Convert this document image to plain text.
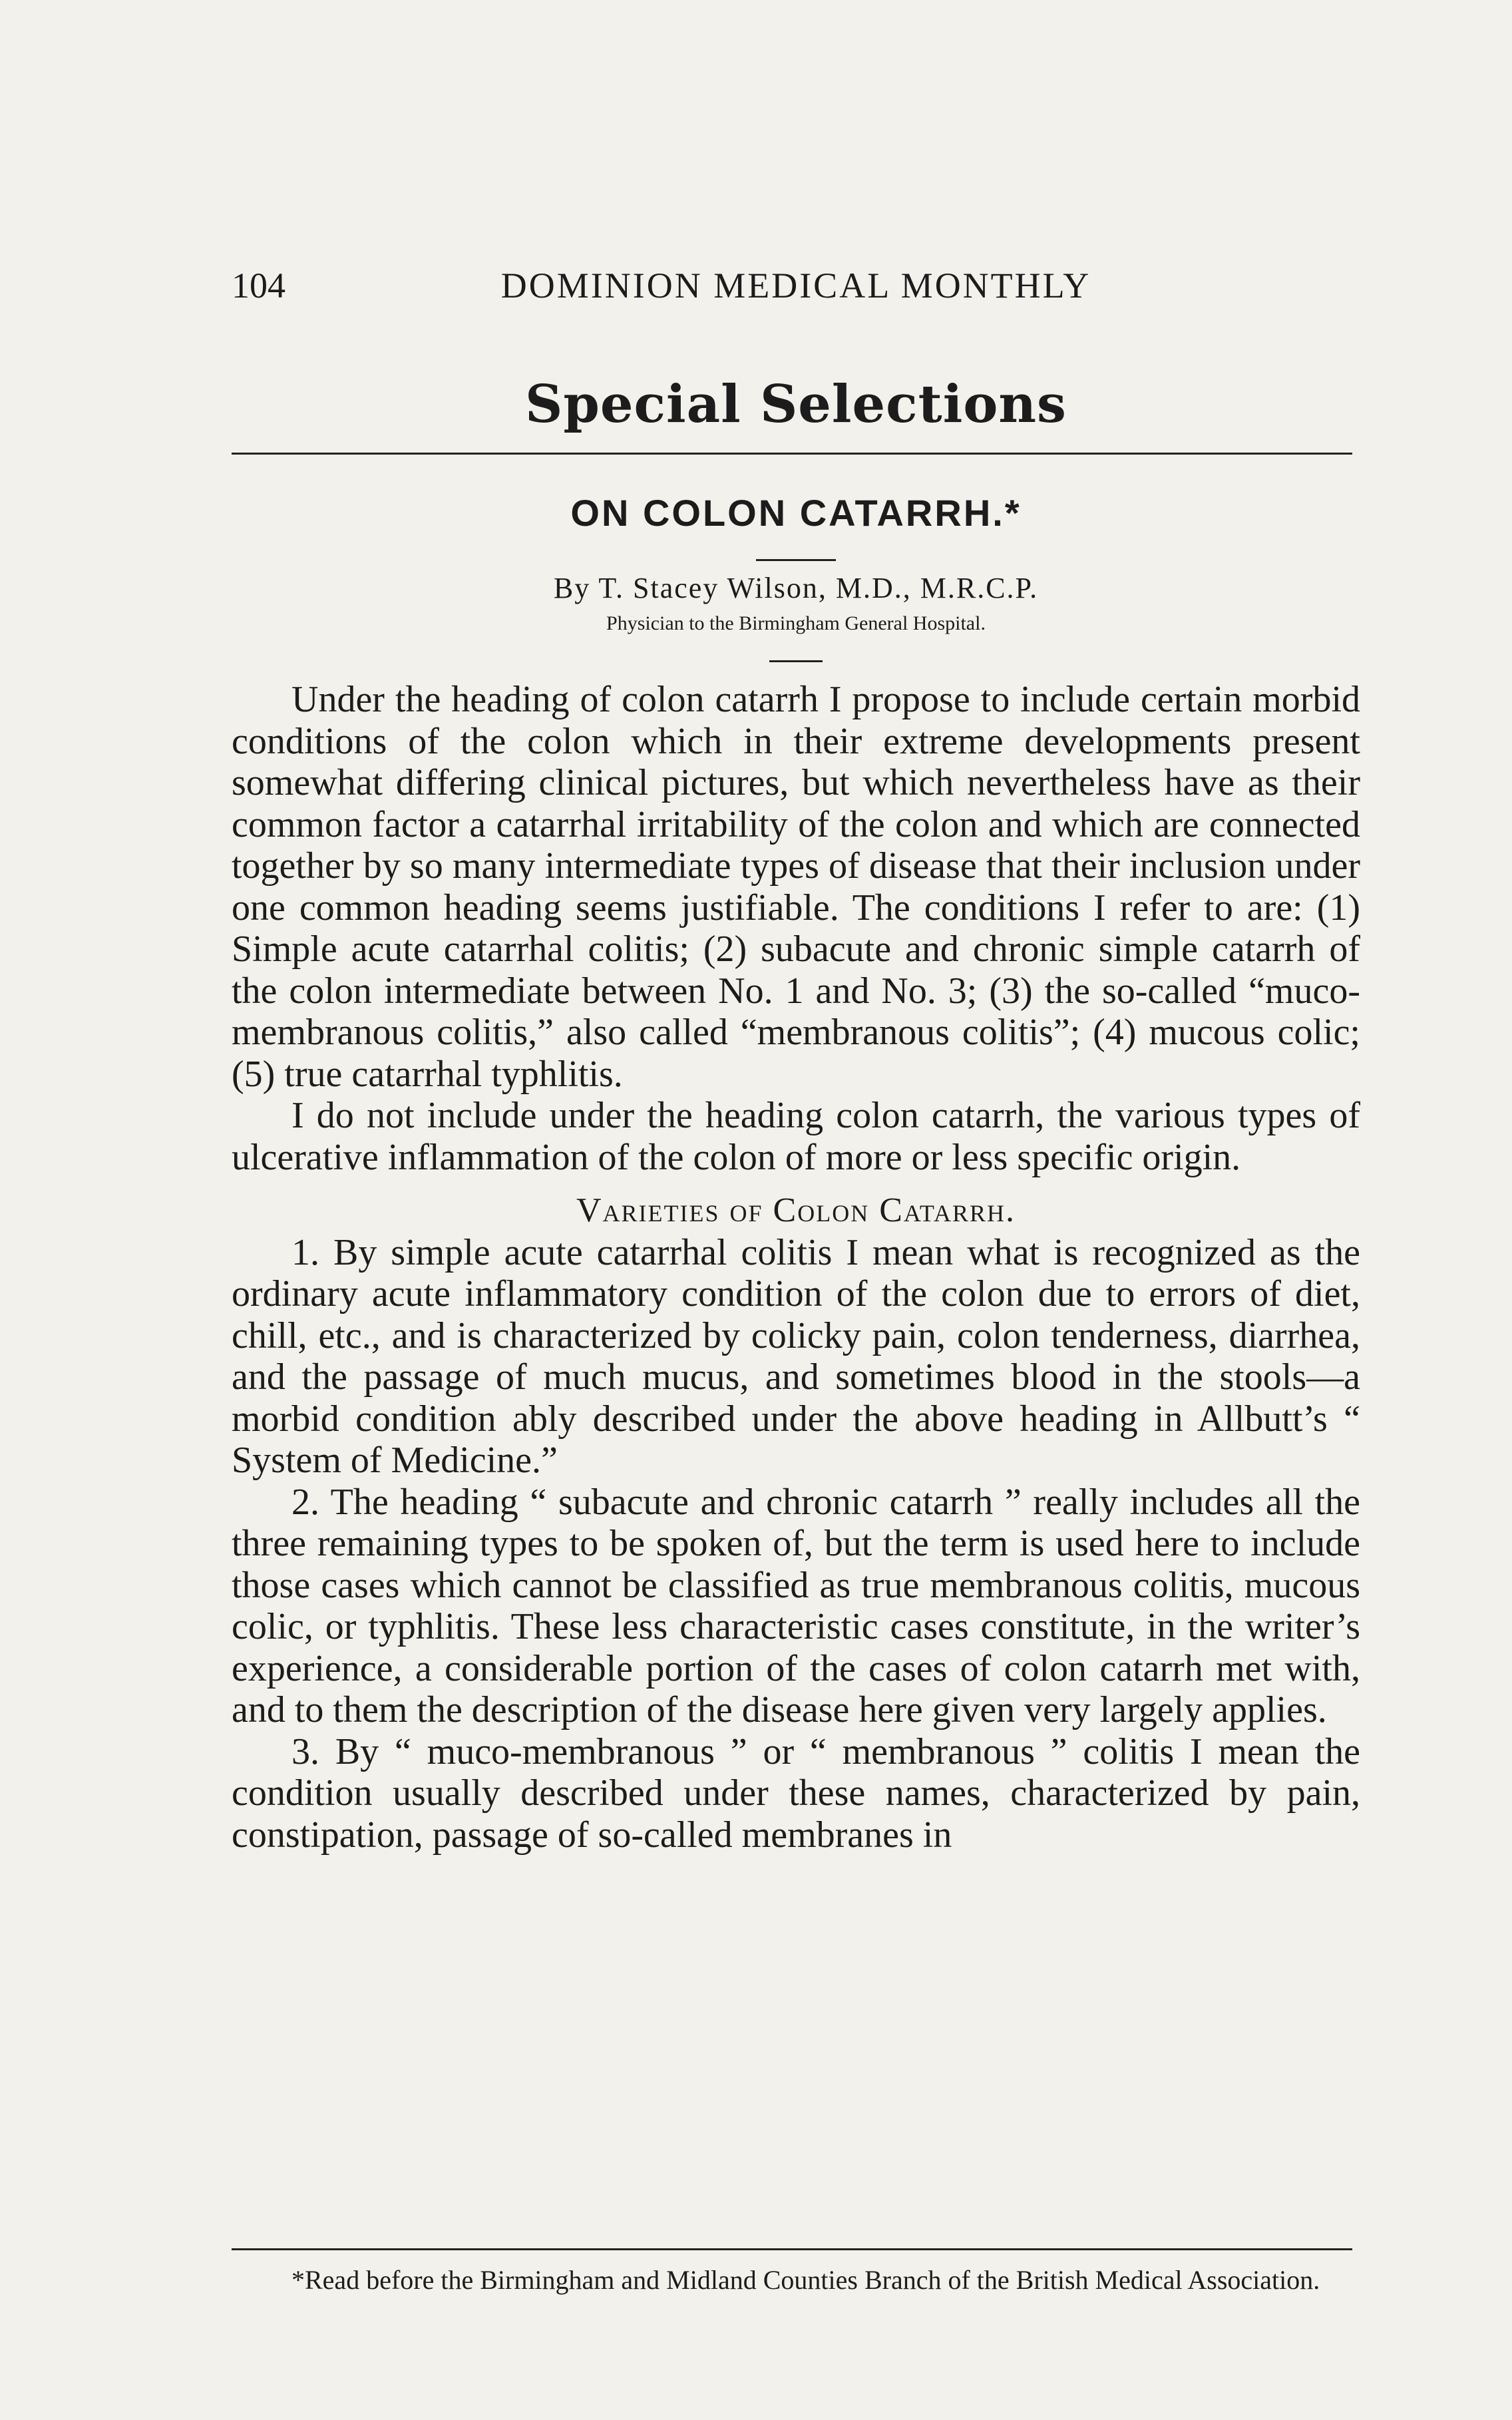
104	DOMINION MEDICAL MONTHLY
Special Selections
ON COLON CATARRH.*
By T. Stacey Wilson, M.D., M.R.C.P.
Physician to the Birmingham General Hospital.

Under the heading of colon catarrh I propose to include certain morbid conditions of the colon which in their extreme developments present somewhat differing clinical pictures, but which nevertheless have as their common factor a catarrhal irritability of the colon and which are connected together by so many intermediate types of disease that their inclusion under one common heading seems justifiable. The conditions I refer to are: (1) Simple acute catarrhal colitis; (2) subacute and chronic simple catarrh of the colon intermediate between No. 1 and No. 3; (3) the so-called “muco-membranous colitis,” also called “membranous colitis”; (4) mucous colic; (5) true catarrhal typhlitis.

I do not include under the heading colon catarrh, the various types of ulcerative inflammation of the colon of more or less specific origin.

Varieties of Colon Catarrh.

1. By simple acute catarrhal colitis I mean what is recognized as the ordinary acute inflammatory condition of the colon due to errors of diet, chill, etc., and is characterized by colicky pain, colon tenderness, diarrhea, and the passage of much mucus, and sometimes blood in the stools—a morbid condition ably described under the above heading in Allbutt’s “ System of Medicine.”

2. The heading “ subacute and chronic catarrh ” really includes all the three remaining types to be spoken of, but the term is used here to include those cases which cannot be classified as true membranous colitis, mucous colic, or typhlitis. These less characteristic cases constitute, in the writer’s experience, a considerable portion of the cases of colon catarrh met with, and to them the description of the disease here given very largely applies.

3. By “ muco-membranous ” or “ membranous ” colitis I mean the condition usually described under these names, characterized by pain, constipation, passage of so-called membranes in

*Read before the Birmingham and Midland Counties Branch of the British Medical Association.
